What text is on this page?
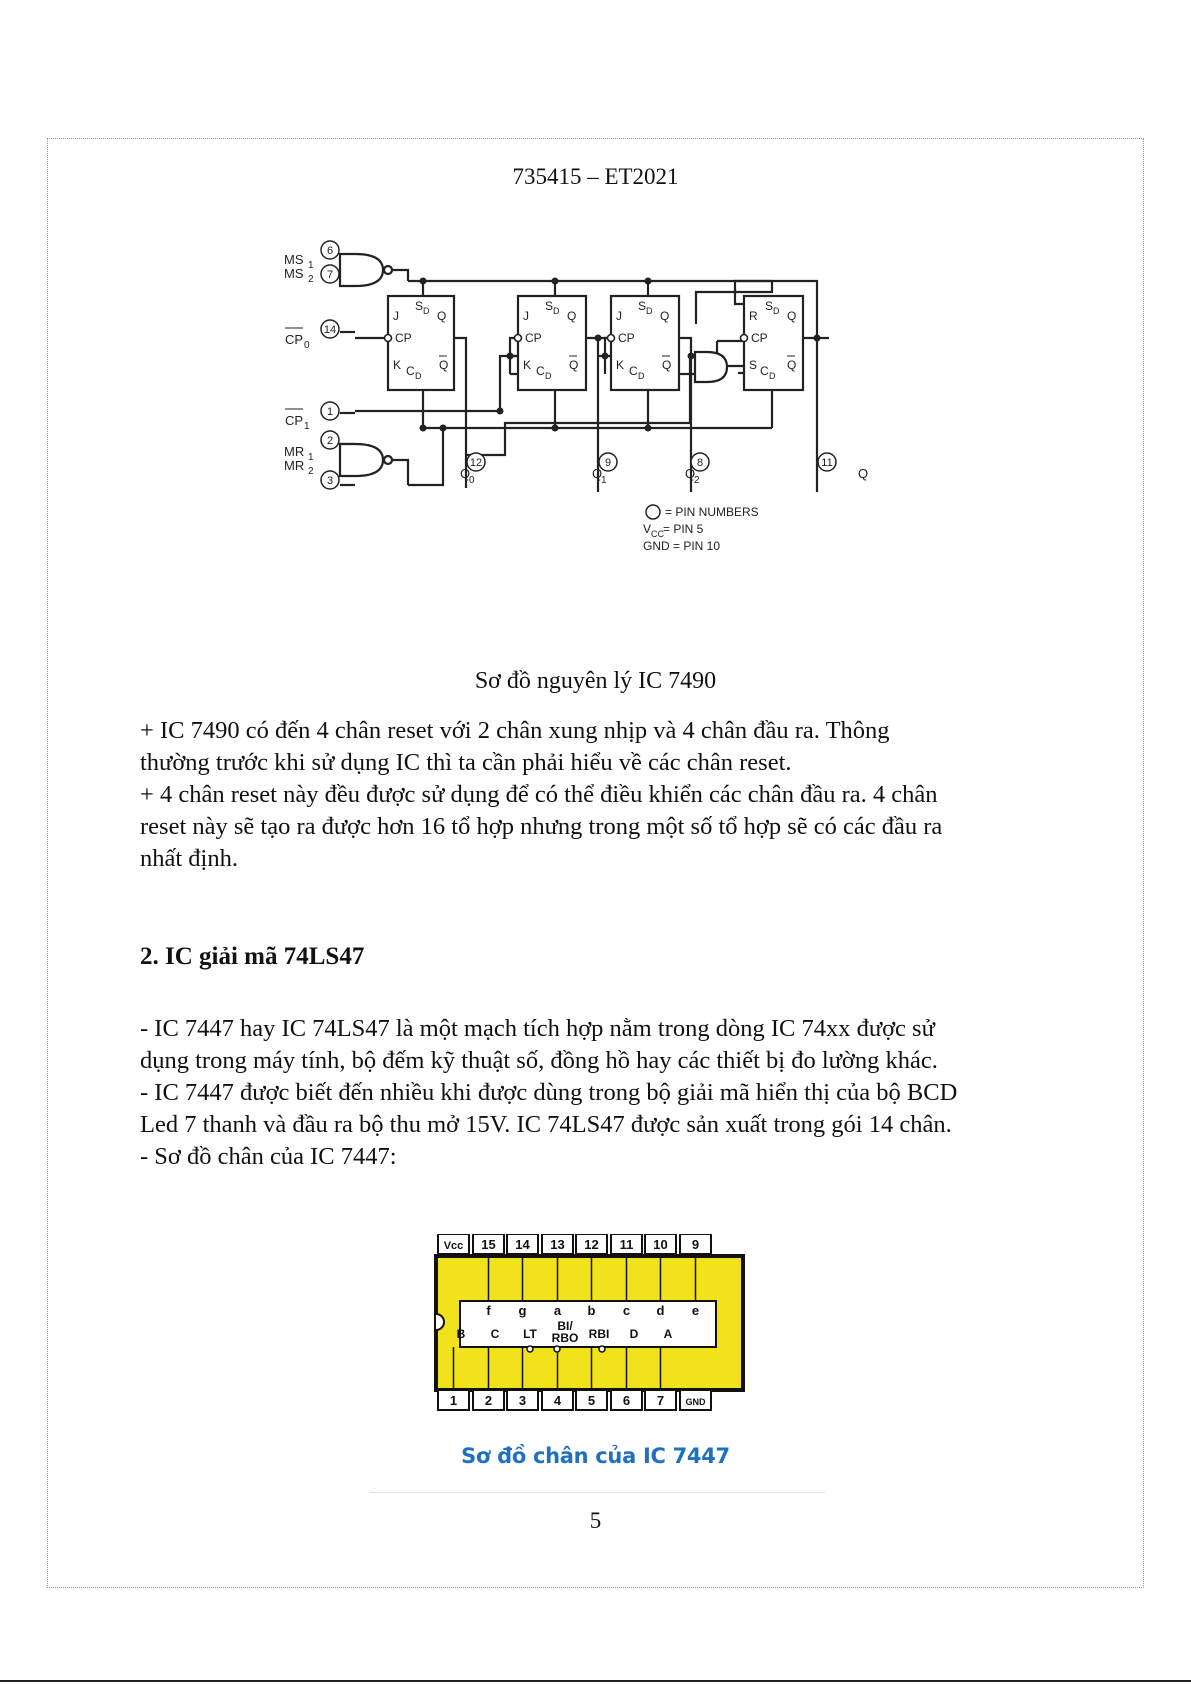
735415 – ET2021
J
S D Q
CP
K C D
Q
J
S D Q
CP
K C D
Q
J
S D Q
CP
K C D
Q
R
S D Q
CP
S C D
Q
MS 1
MS 2
CP 0
CP 1
MR 1
MR 2
6
7
14
1
2
3
12	9	8	11
Q
0	Q
1	Q
2	Q
= PIN NUMBERS
V CC = PIN 5
GND = PIN 10
Sơ đồ nguyên lý IC 7490

+ IC 7490 có đến 4 chân reset với 2 chân xung nhịp và 4 chân đầu ra. Thông

thường trước khi sử dụng IC thì ta cần phải hiểu về các chân reset.

+ 4 chân reset này đều được sử dụng để có thể điều khiển các chân đầu ra. 4 chân

reset này sẽ tạo ra được hơn 16 tổ hợp nhưng trong một số tổ hợp sẽ có các đầu ra

nhất định.

2. IC giải mã 74LS47

- IC 7447 hay IC 74LS47 là một mạch tích hợp nằm trong dòng IC 74xx được sử

dụng trong máy tính, bộ đếm kỹ thuật số, đồng hồ hay các thiết bị đo lường khác.

- IC 7447 được biết đến nhiều khi được dùng trong bộ giải mã hiển thị của bộ BCD

Led 7 thanh và đầu ra bộ thu mở 15V. IC 74LS47 được sản xuất trong gói 14 chân.

- Sơ đồ chân của IC 7447:

Vcc 15 14 13 12 11 10 9
1 2 3 4 5 6 7 GND
f g a b c d e
B C LT
BI/
RBO RBI D A
Sơ đồ chân của IC 7447
5
